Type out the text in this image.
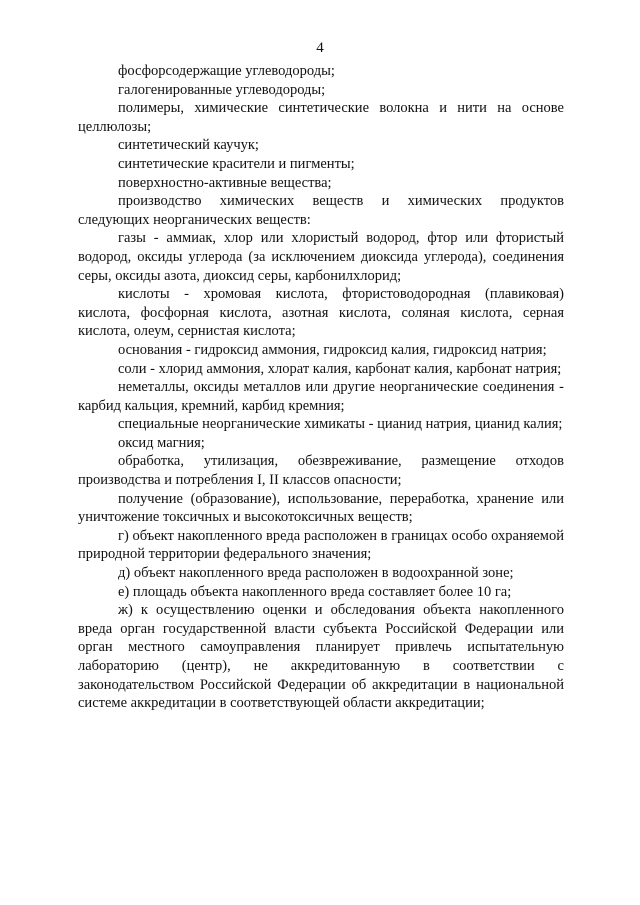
4

фосфорсодержащие углеводороды;

галогенированные углеводороды;

полимеры, химические синтетические волокна и нити на основе целлюлозы;

синтетический каучук;

синтетические красители и пигменты;

поверхностно-активные вещества;

производство химических веществ и химических продуктов следующих неорганических веществ:

газы - аммиак, хлор или хлористый водород, фтор или фтористый водород, оксиды углерода (за исключением диоксида углерода), соединения серы, оксиды азота, диоксид серы, карбонилхлорид;

кислоты - хромовая кислота, фтористоводородная (плавиковая) кислота, фосфорная кислота, азотная кислота, соляная кислота, серная кислота, олеум, сернистая кислота;

основания - гидроксид аммония, гидроксид калия, гидроксид натрия;

соли - хлорид аммония, хлорат калия, карбонат калия, карбонат натрия;

неметаллы, оксиды металлов или другие неорганические соединения - карбид кальция, кремний, карбид кремния;

специальные неорганические химикаты - цианид натрия, цианид калия;

оксид магния;

обработка, утилизация, обезвреживание, размещение отходов производства и потребления I, II классов опасности;

получение (образование), использование, переработка, хранение или уничтожение токсичных и высокотоксичных веществ;

г) объект накопленного вреда расположен в границах особо охраняемой природной территории федерального значения;

д) объект накопленного вреда расположен в водоохранной зоне;

е) площадь объекта накопленного вреда составляет более 10 га;

ж) к осуществлению оценки и обследования объекта накопленного вреда орган государственной власти субъекта Российской Федерации или орган местного самоуправления планирует привлечь испытательную лабораторию (центр), не аккредитованную в соответствии с законодательством Российской Федерации об аккредитации в национальной системе аккредитации в соответствующей области аккредитации;
